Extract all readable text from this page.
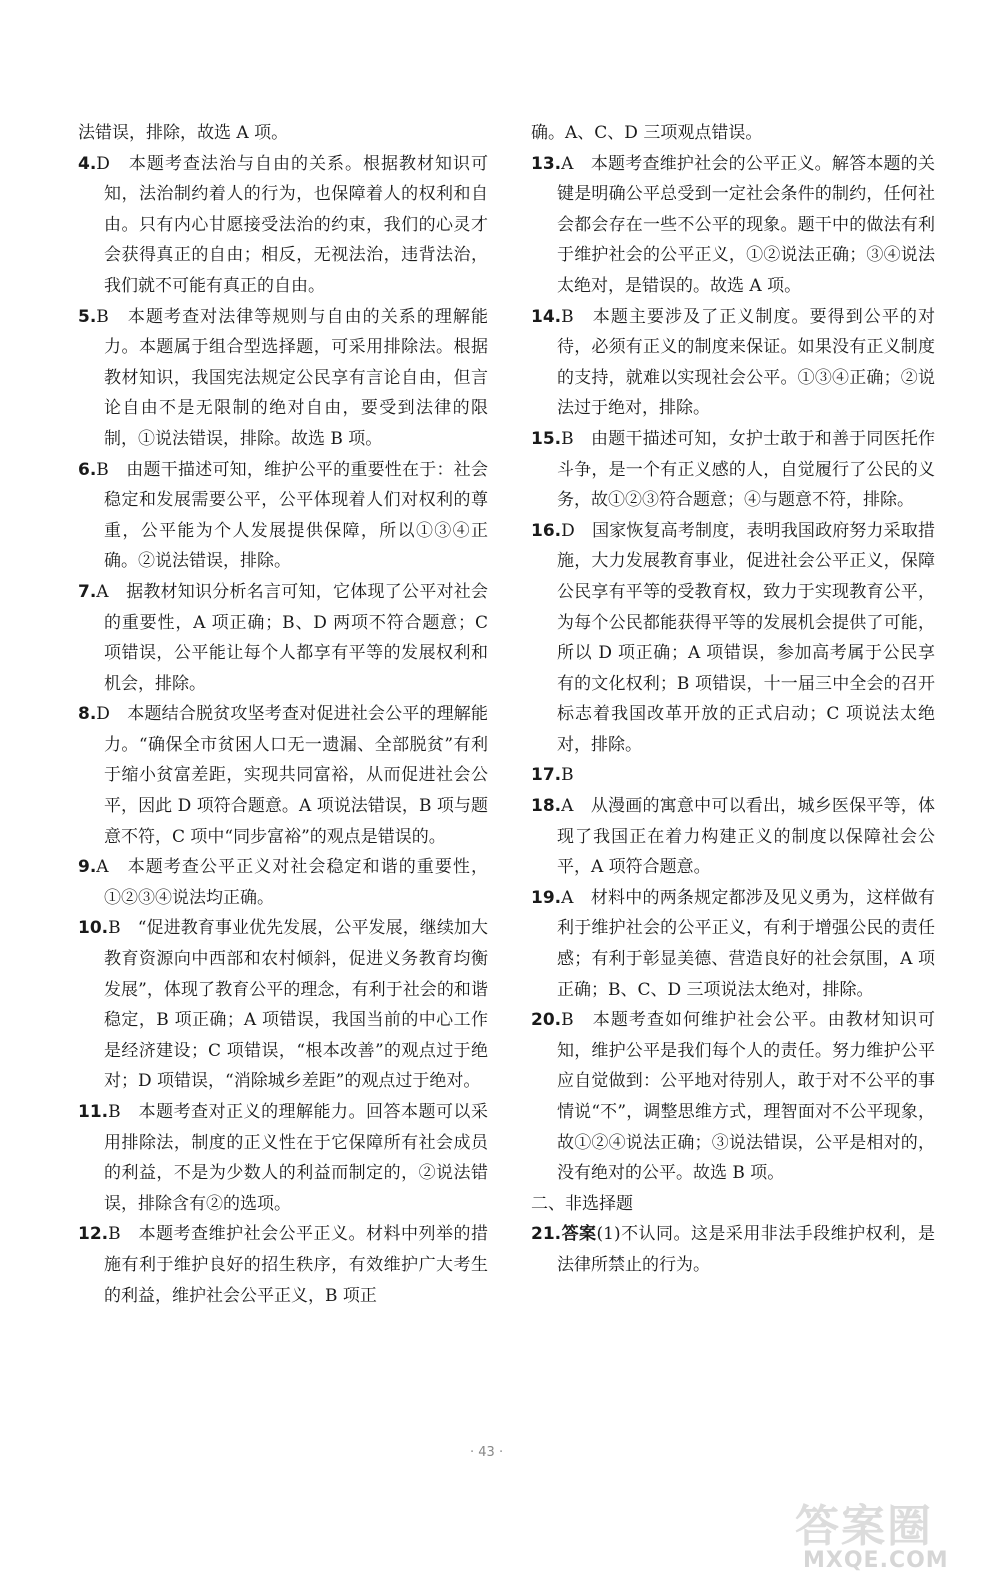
法错误，排除，故选 A 项。

4.D　本题考查法治与自由的关系。根据教材知识可知，法治制约着人的行为，也保障着人的权利和自由。只有内心甘愿接受法治的约束，我们的心灵才会获得真正的自由；相反，无视法治，违背法治，我们就不可能有真正的自由。

5.B　本题考查对法律等规则与自由的关系的理解能力。本题属于组合型选择题，可采用排除法。根据教材知识，我国宪法规定公民享有言论自由，但言论自由不是无限制的绝对自由，要受到法律的限制，①说法错误，排除。故选 B 项。

6.B　由题干描述可知，维护公平的重要性在于：社会稳定和发展需要公平，公平体现着人们对权利的尊重，公平能为个人发展提供保障，所以①③④正确。②说法错误，排除。

7.A　据教材知识分析名言可知，它体现了公平对社会的重要性，A 项正确；B、D 两项不符合题意；C 项错误，公平能让每个人都享有平等的发展权利和机会，排除。

8.D　本题结合脱贫攻坚考查对促进社会公平的理解能力。“确保全市贫困人口无一遗漏、全部脱贫”有利于缩小贫富差距，实现共同富裕，从而促进社会公平，因此 D 项符合题意。A 项说法错误，B 项与题意不符，C 项中“同步富裕”的观点是错误的。

9.A　本题考查公平正义对社会稳定和谐的重要性，①②③④说法均正确。

10.B　“促进教育事业优先发展，公平发展，继续加大教育资源向中西部和农村倾斜，促进义务教育均衡发展”，体现了教育公平的理念，有利于社会的和谐稳定，B 项正确；A 项错误，我国当前的中心工作是经济建设；C 项错误，“根本改善”的观点过于绝对；D 项错误，“消除城乡差距”的观点过于绝对。

11.B　本题考查对正义的理解能力。回答本题可以采用排除法，制度的正义性在于它保障所有社会成员的利益，不是为少数人的利益而制定的，②说法错误，排除含有②的选项。

12.B　本题考查维护社会公平正义。材料中列举的措施有利于维护良好的招生秩序，有效维护广大考生的利益，维护社会公平正义，B 项正

确。A、C、D 三项观点错误。

13.A　本题考查维护社会的公平正义。解答本题的关键是明确公平总受到一定社会条件的制约，任何社会都会存在一些不公平的现象。题干中的做法有利于维护社会的公平正义，①②说法正确；③④说法太绝对，是错误的。故选 A 项。

14.B　本题主要涉及了正义制度。要得到公平的对待，必须有正义的制度来保证。如果没有正义制度的支持，就难以实现社会公平。①③④正确；②说法过于绝对，排除。

15.B　由题干描述可知，女护士敢于和善于同医托作斗争，是一个有正义感的人，自觉履行了公民的义务，故①②③符合题意；④与题意不符，排除。

16.D　国家恢复高考制度，表明我国政府努力采取措施，大力发展教育事业，促进社会公平正义，保障公民享有平等的受教育权，致力于实现教育公平，为每个公民都能获得平等的发展机会提供了可能，所以 D 项正确；A 项错误，参加高考属于公民享有的文化权利；B 项错误，十一届三中全会的召开标志着我国改革开放的正式启动；C 项说法太绝对，排除。

17.B

18.A　从漫画的寓意中可以看出，城乡医保平等，体现了我国正在着力构建正义的制度以保障社会公平，A 项符合题意。

19.A　材料中的两条规定都涉及见义勇为，这样做有利于维护社会的公平正义，有利于增强公民的责任感；有利于彰显美德、营造良好的社会氛围，A 项正确；B、C、D 三项说法太绝对，排除。

20.B　本题考查如何维护社会公平。由教材知识可知，维护公平是我们每个人的责任。努力维护公平应自觉做到：公平地对待别人，敢于对不公平的事情说“不”，调整思维方式，理智面对不公平现象，故①②④说法正确；③说法错误，公平是相对的，没有绝对的公平。故选 B 项。

二、非选择题

21.答案(1)不认同。这是采用非法手段维护权利，是法律所禁止的行为。

· 43 ·
答案圈
MXQE.COM
